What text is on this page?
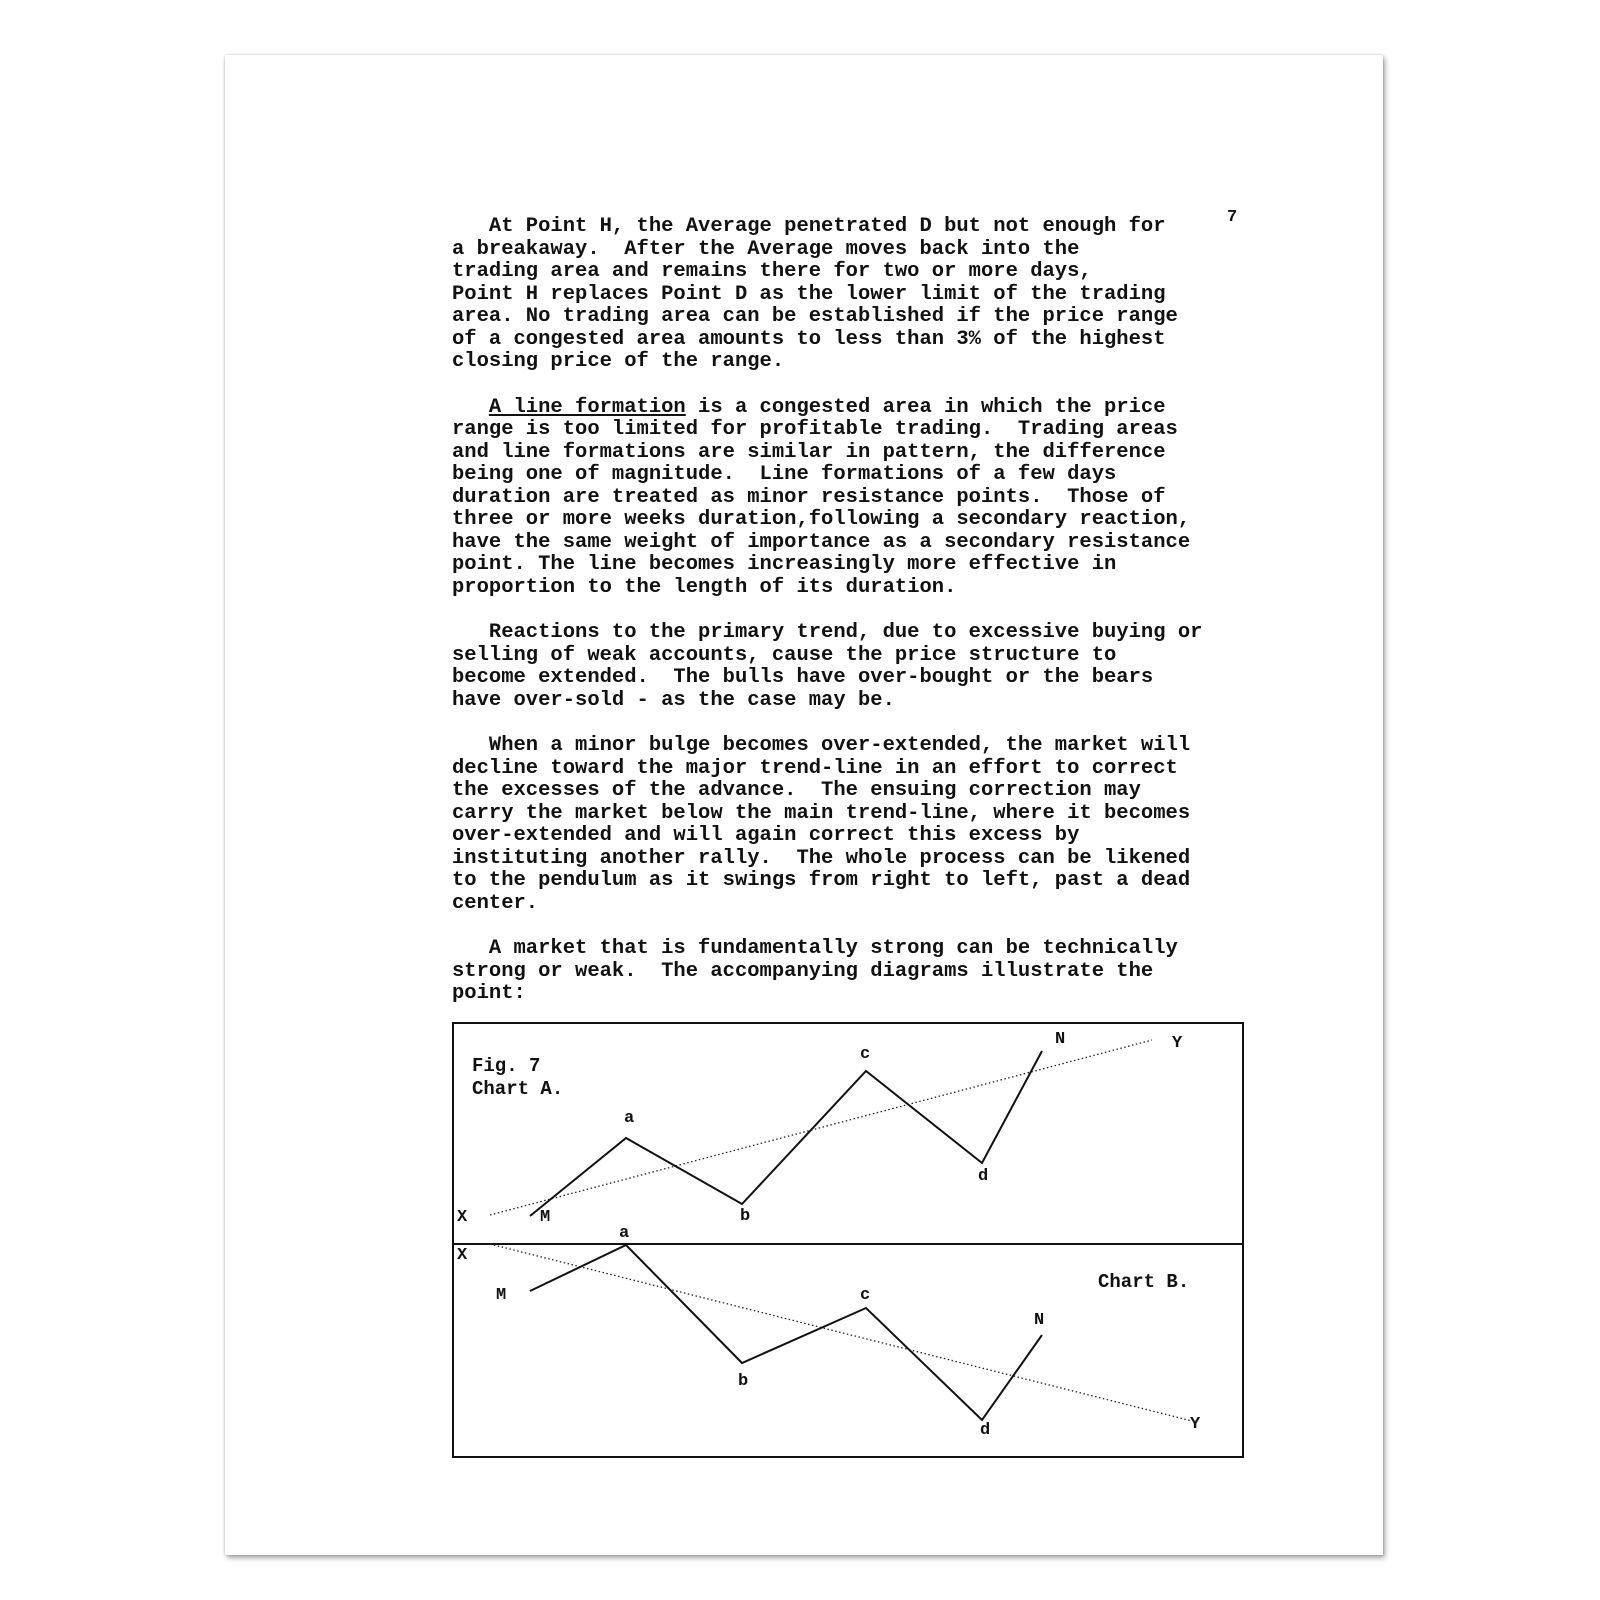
7
At Point H, the Average penetrated D but not enough for
a breakaway.  After the Average moves back into the
trading area and remains there for two or more days,
Point H replaces Point D as the lower limit of the trading
area. No trading area can be established if the price range
of a congested area amounts to less than 3% of the highest
closing price of the range.
A line formation is a congested area in which the price
range is too limited for profitable trading.  Trading areas
and line formations are similar in pattern, the difference
being one of magnitude.  Line formations of a few days
duration are treated as minor resistance points.  Those of
three or more weeks duration,following a secondary reaction,
have the same weight of importance as a secondary resistance
point. The line becomes increasingly more effective in
proportion to the length of its duration.
Reactions to the primary trend, due to excessive buying or
selling of weak accounts, cause the price structure to
become extended.  The bulls have over-bought or the bears
have over-sold - as the case may be.
When a minor bulge becomes over-extended, the market will
decline toward the major trend-line in an effort to correct
the excesses of the advance.  The ensuing correction may
carry the market below the main trend-line, where it becomes
over-extended and will again correct this excess by
instituting another rally.  The whole process can be likened
to the pendulum as it swings from right to left, past a dead
center.
A market that is fundamentally strong can be technically
strong or weak.  The accompanying diagrams illustrate the
point:
Fig. 7
Chart A.
Chart B.
X
Y
M
a
b
c
d
N
X
Y
M
a
b
c
d
N
